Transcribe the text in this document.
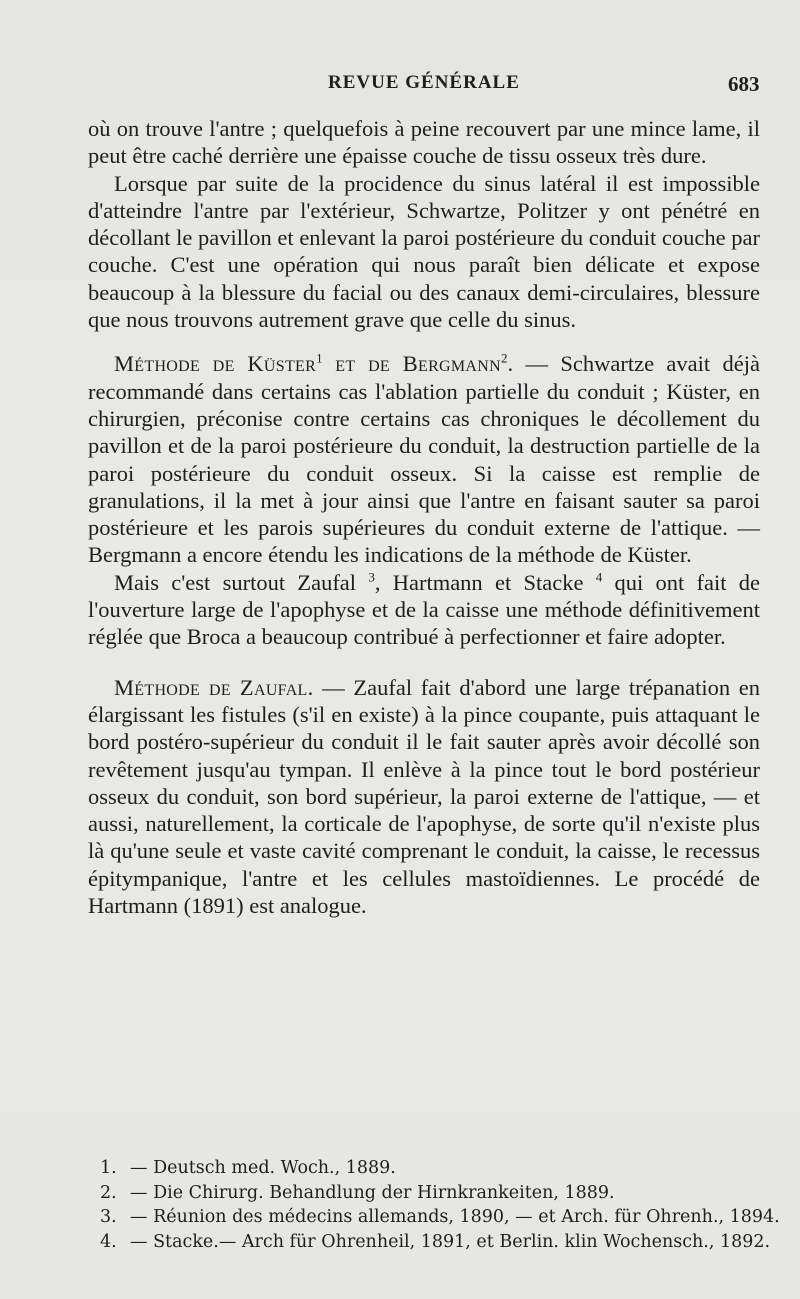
REVUE GÉNÉRALE	683

où on trouve l'antre ; quelquefois à peine recouvert par une mince lame, il peut être caché derrière une épaisse couche de tissu osseux très dure.

Lorsque par suite de la procidence du sinus latéral il est impossible d'atteindre l'antre par l'extérieur, Schwartze, Politzer y ont pénétré en décollant le pavillon et enlevant la paroi postérieure du conduit couche par couche. C'est une opération qui nous paraît bien délicate et expose beaucoup à la blessure du facial ou des canaux demi-circulaires, blessure que nous trouvons autrement grave que celle du sinus.

Méthode de Küster$^1$ et de Bergmann$^2$. — Schwartze avait déjà recommandé dans certains cas l'ablation partielle du conduit ; Küster, en chirurgien, préconise contre certains cas chroniques le décollement du pavillon et de la paroi postérieure du conduit, la destruction partielle de la paroi postérieure du conduit osseux. Si la caisse est remplie de granulations, il la met à jour ainsi que l'antre en faisant sauter sa paroi postérieure et les parois supérieures du conduit externe de l'attique. — Bergmann a encore étendu les indications de la méthode de Küster.

Mais c'est surtout Zaufal $^3$, Hartmann et Stacke $^4$ qui ont fait de l'ouverture large de l'apophyse et de la caisse une méthode définitivement réglée que Broca a beaucoup contribué à perfectionner et faire adopter.

Méthode de Zaufal. — Zaufal fait d'abord une large trépanation en élargissant les fistules (s'il en existe) à la pince coupante, puis attaquant le bord postéro-supérieur du conduit il le fait sauter après avoir décollé son revêtement jusqu'au tympan. Il enlève à la pince tout le bord postérieur osseux du conduit, son bord supérieur, la paroi externe de l'attique, — et aussi, naturellement, la corticale de l'apophyse, de sorte qu'il n'existe plus là qu'une seule et vaste cavité comprenant le conduit, la caisse, le recessus épitympanique, l'antre et les cellules mastoïdiennes. Le procédé de Hartmann (1891) est analogue.

1. — Deutsch med. Woch., 1889.
2. — Die Chirurg. Behandlung der Hirnkrankeiten, 1889.
3. — Réunion des médecins allemands, 1890, — et Arch. für Ohrenh., 1894.
4. — Stacke.— Arch für Ohrenheil, 1891, et Berlin. klin Wochensch., 1892.
